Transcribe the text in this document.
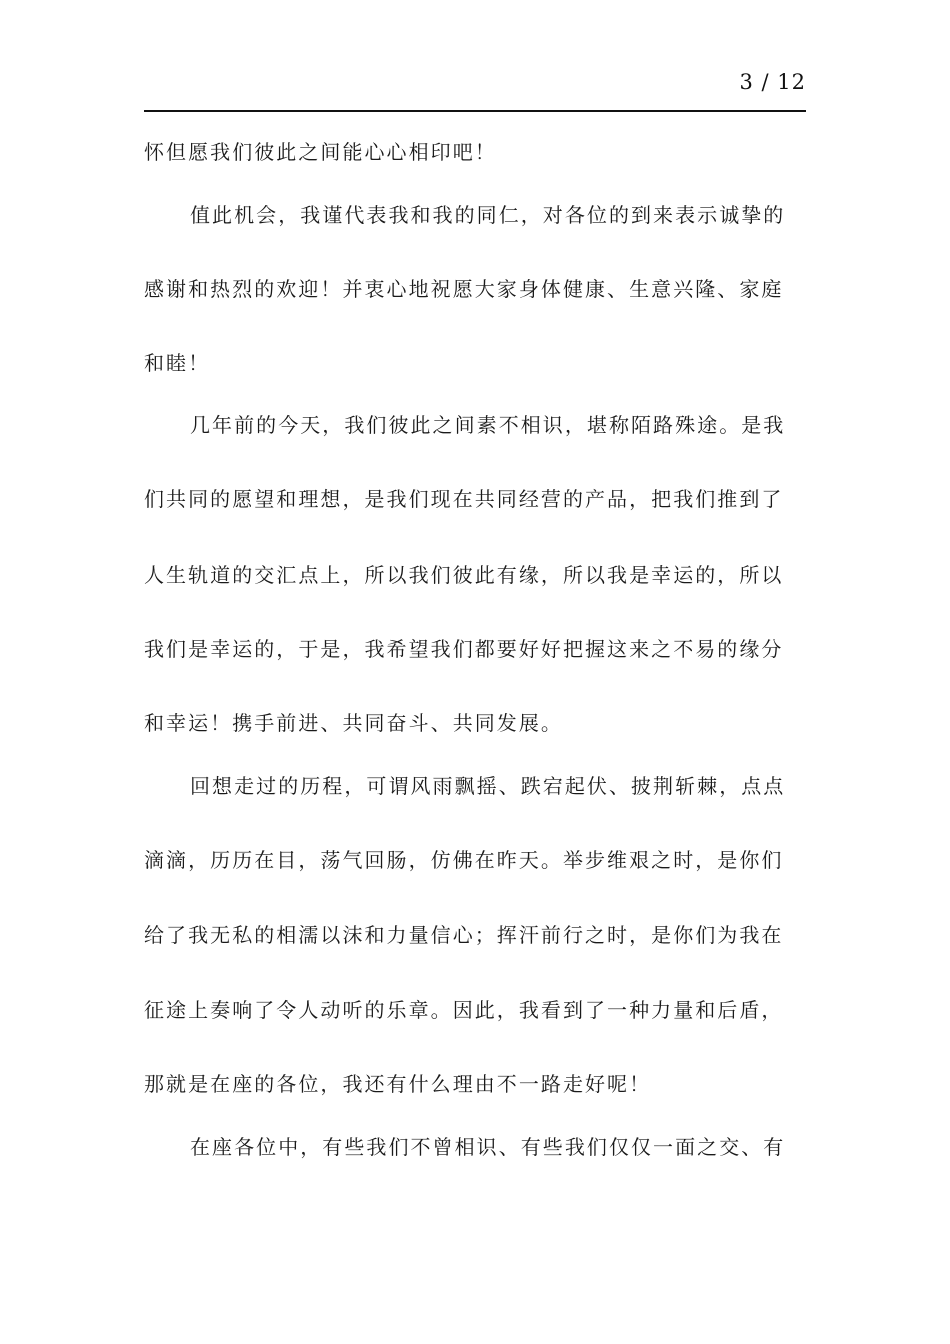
3 / 12
怀但愿我们彼此之间能心心相印吧！
值此机会，我谨代表我和我的同仁，对各位的到来表示诚挚的
感谢和热烈的欢迎！并衷心地祝愿大家身体健康、生意兴隆、家庭
和睦！
几年前的今天，我们彼此之间素不相识，堪称陌路殊途。是我
们共同的愿望和理想，是我们现在共同经营的产品，把我们推到了
人生轨道的交汇点上，所以我们彼此有缘，所以我是幸运的，所以
我们是幸运的，于是，我希望我们都要好好把握这来之不易的缘分
和幸运！携手前进、共同奋斗、共同发展。
回想走过的历程，可谓风雨飘摇、跌宕起伏、披荆斩棘，点点
滴滴，历历在目，荡气回肠，仿佛在昨天。举步维艰之时，是你们
给了我无私的相濡以沫和力量信心；挥汗前行之时，是你们为我在
征途上奏响了令人动听的乐章。因此，我看到了一种力量和后盾，
那就是在座的各位，我还有什么理由不一路走好呢！
在座各位中，有些我们不曾相识、有些我们仅仅一面之交、有
